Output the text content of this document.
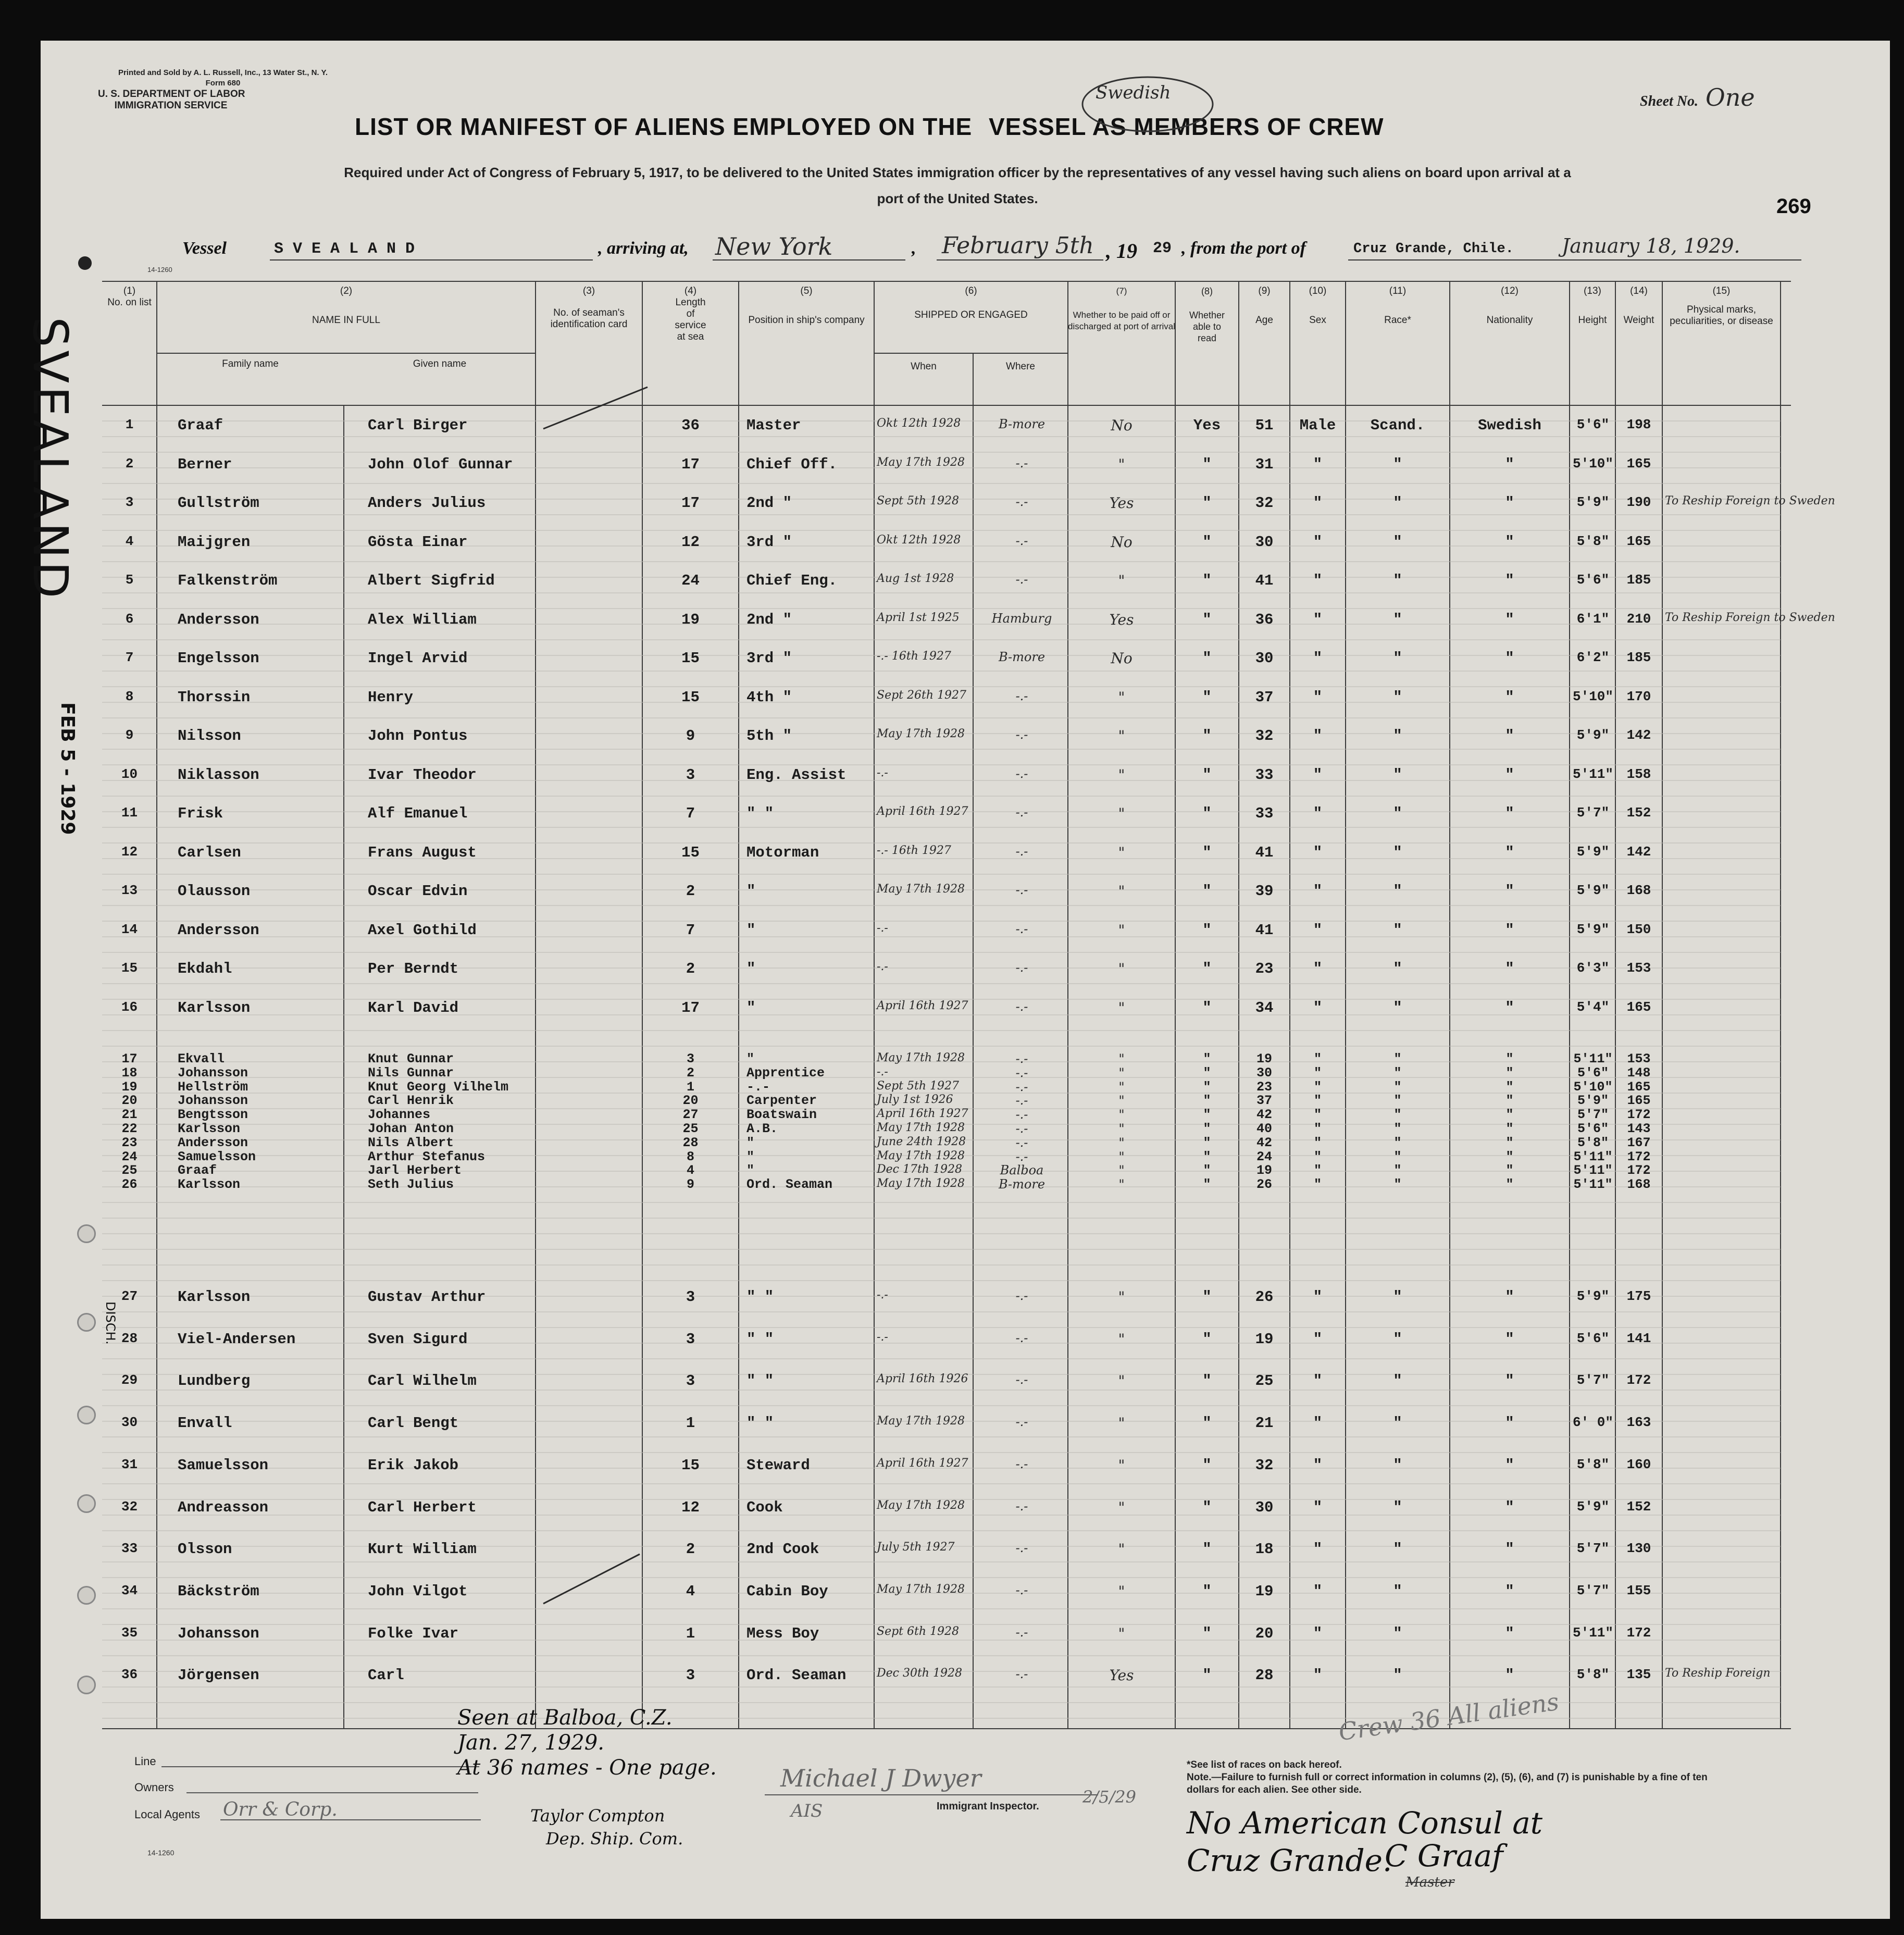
Printed and Sold by A. L. Russell, Inc., 13 Water St., N. Y.
Form 680
U. S. DEPARTMENT OF LABOR
IMMIGRATION SERVICE	Sheet No. One
LIST OR MANIFEST OF ALIENS EMPLOYED ON THE VESSEL AS MEMBERS OF CREW
Swedish
Required under Act of Congress of February 5, 1917, to be delivered to the United States immigration officer by the representatives of any vessel having such aliens on board upon arrival at a
port of the United States.	269
Vessel	S V E A L A N D	, arriving at, New York	, February 5th , 19 29 , from the port of	Cruz Grande, Chile. January 18, 1929.
14-1260
(1)
No. on list
(2)
NAME IN FULL
Family name	Given name
(3)
No. of seaman's identification card
(4)
Length of service at sea
(5)
Position in ship's company
(6)
SHIPPED OR ENGAGED
When	Where
(7)
Whether to be paid off or discharged at port of arrival
(8)
Whether able to read
(9)
Age
(10)
Sex
(11)
Race*
(12)
Nationality
(13)
Height
(14)
Weight
(15)
Physical marks, peculiarities, or disease
1	Graaf	Carl Birger	36	Master	Okt 12th 1928	B-more	No	Yes	51	Male	Scand.	Swedish	5'6"	198
2	Berner	John Olof Gunnar	17	Chief Off.	May 17th 1928	-.-	"	"	31	"	"	"	5'10" 165
3	Gullström	Anders Julius	17	2nd "	Sept 5th 1928	-.-	Yes	"	32	"	"	"	5'9"	190	To Reship Foreign to Sweden
4	Maijgren	Gösta Einar	12	3rd "	Okt 12th 1928	-.-	No	"	30	"	"	"	5'8"	165
5	Falkenström	Albert Sigfrid	24	Chief Eng.	Aug 1st 1928	-.-	"	"	41	"	"	"	5'6"	185
6	Andersson	Alex William	19	2nd "	April 1st 1925	Hamburg	Yes	"	36	"	"	"	6'1"	210	To Reship Foreign to Sweden
7	Engelsson	Ingel Arvid	15	3rd "	-.- 16th 1927	B-more	No	"	30	"	"	"	6'2"	185
8	Thorssin	Henry	15	4th "	Sept 26th 1927	-.-	"	"	37	"	"	"	5'10" 170
9	Nilsson	John Pontus	9	5th "	May 17th 1928	-.-	"	"	32	"	"	"	5'9"	142
10	Niklasson	Ivar Theodor	3	Eng. Assist	-.-	-.-	"	"	33	"	"	"	5'11" 158
11	Frisk	Alf Emanuel	7	" "	April 16th 1927	-.-	"	"	33	"	"	"	5'7"	152
12	Carlsen	Frans August	15	Motorman	-.- 16th 1927	-.-	"	"	41	"	"	"	5'9"	142
13	Olausson	Oscar Edvin	2	"	May 17th 1928	-.-	"	"	39	"	"	"	5'9"	168
14	Andersson	Axel Gothild	7	"	-.-	-.-	"	"	41	"	"	"	5'9"	150
15	Ekdahl	Per Berndt	2	"	-.-	-.-	"	"	23	"	"	"	6'3"	153
16	Karlsson	Karl David	17	"	April 16th 1927	-.-	"	"	34	"	"	"	5'4"	165
17	Ekvall	Knut Gunnar	3	"	May 17th 1928	-.-	"	"	19	"	"	"	5'11"	153
18	Johansson	Nils Gunnar	2	Apprentice	-.-	-.-	"	"	30	"	"	"	5'6"	148
19	Hellström	Knut Georg Vilhelm	1	-.-	Sept 5th 1927	-.-	"	"	23	"	"	"	5'10"	165
20	Johansson	Carl Henrik	20	Carpenter	July 1st 1926	-.-	"	"	37	"	"	"	5'9"	165
21	Bengtsson	Johannes	27	Boatswain	April 16th 1927	-.-	"	"	42	"	"	"	5'7"	172
22	Karlsson	Johan Anton	25	A.B.	May 17th 1928	-.-	"	"	40	"	"	"	5'6"	143
23	Andersson	Nils Albert	28	"	June 24th 1928	-.-	"	"	42	"	"	"	5'8"	167
24	Samuelsson	Arthur Stefanus	8	"	May 17th 1928	-.-	"	"	24	"	"	"	5'11"	172
25	Graaf	Jarl Herbert	4	"	Dec 17th 1928	Balboa	"	"	19	"	"	"	5'11"	172
26	Karlsson	Seth Julius	9	Ord. Seaman	May 17th 1928	B-more	"	"	26	"	"	"	5'11"	168
27	Karlsson	Gustav Arthur	3	" "	-.-	-.-	"	"	26	"	"	"	5'9"	175
28	Viel-Andersen	Sven Sigurd	3	" "	-.-	-.-	"	"	19	"	"	"	5'6"	141
29	Lundberg	Carl Wilhelm	3	" "	April 16th 1926	-.-	"	"	25	"	"	"	5'7"	172
30	Envall	Carl Bengt	1	" "	May 17th 1928	-.-	"	"	21	"	"	"	6' 0" 163
31	Samuelsson	Erik Jakob	15	Steward	April 16th 1927	-.-	"	"	32	"	"	"	5'8"	160
32	Andreasson	Carl Herbert	12	Cook	May 17th 1928	-.-	"	"	30	"	"	"	5'9"	152
33	Olsson	Kurt William	2	2nd Cook	July 5th 1927	-.-	"	"	18	"	"	"	5'7"	130
34	Bäckström	John Vilgot	4	Cabin Boy	May 17th 1928	-.-	"	"	19	"	"	"	5'7"	155
35	Johansson	Folke Ivar	1	Mess Boy	Sept 6th 1928	-.-	"	"	20	"	"	"	5'11" 172
36	Jörgensen	Carl	3	Ord. Seaman	Dec 30th 1928	-.-	Yes	"	28	"	"	"	5'8"	135	To Reship Foreign
SVEALAND
FEB 5 - 1929
DISCH.
Line
Owners
Local Agents Orr & Corp.
14-1260
Seen at Balboa, C.Z.
Jan. 27, 1929.
At 36 names - One page.
Taylor Compton
Dep. Ship. Com.
Michael J Dwyer
AIS	Immigrant Inspector.	2/5/29
Crew 36 All aliens
*See list of races on back hereof.
Note.—Failure to furnish full or correct information in columns (2), (5), (6), and (7) is punishable by a fine of ten dollars for each alien. See other side.
No American Consul at
Cruz Grande.
C Graaf
Master
